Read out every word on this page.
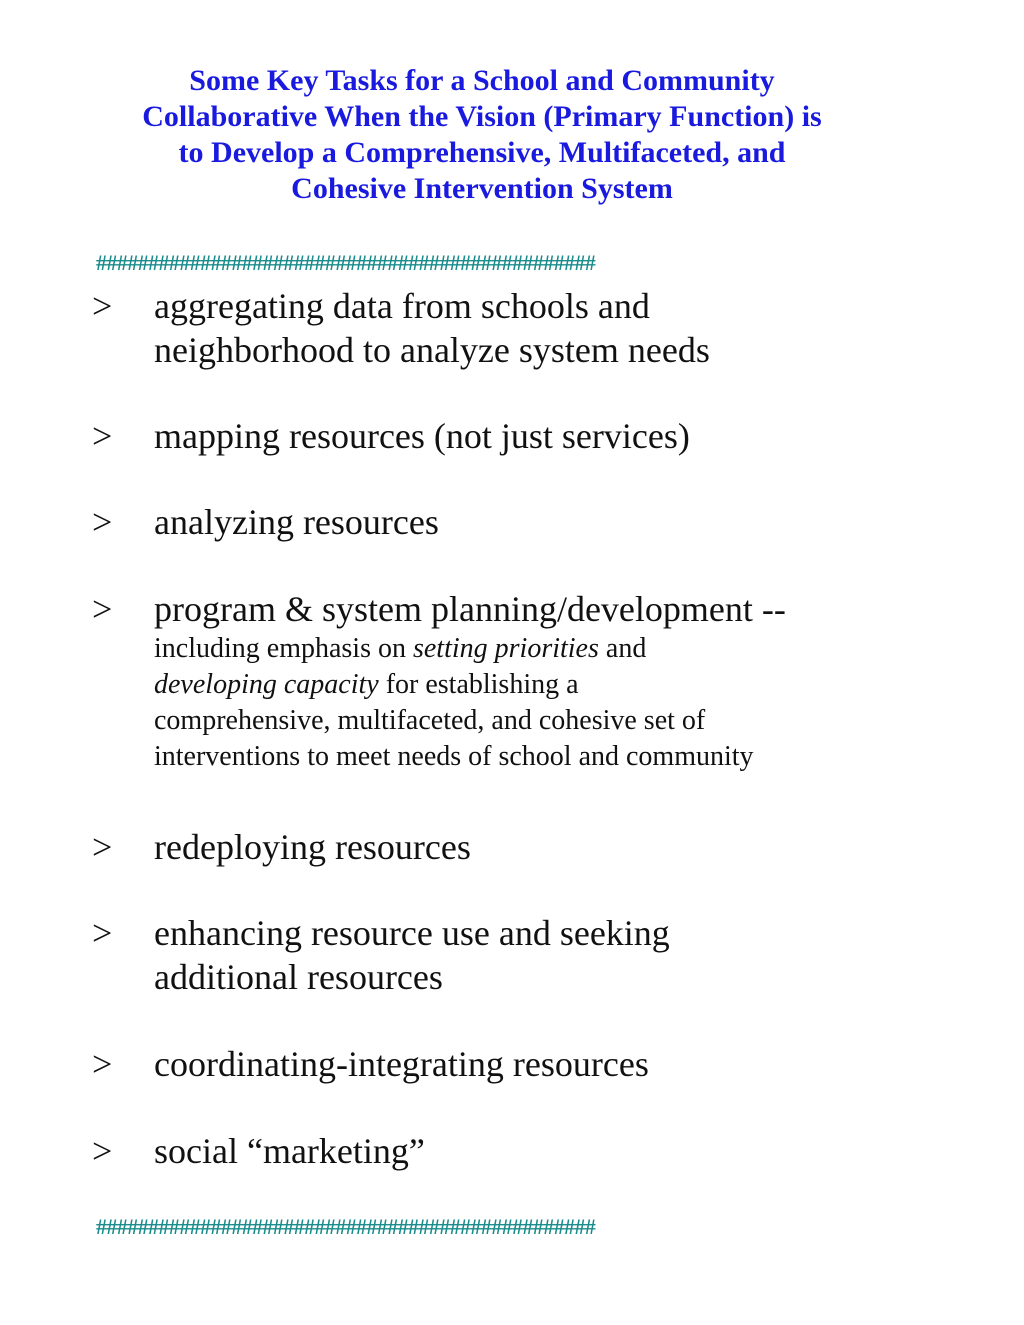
Some Key Tasks for a School and Community
Collaborative When the Vision (Primary Function) is
to Develop a Comprehensive, Multifaceted, and
Cohesive Intervention System
################################################
> aggregating data from schools and
neighborhood to analyze system needs
> mapping resources (not just services)
> analyzing resources
> program & system planning/development --
including emphasis on setting priorities and
developing capacity for establishing a
comprehensive, multifaceted, and cohesive set of
interventions to meet needs of school and community
> redeploying resources
> enhancing resource use and seeking
additional resources
> coordinating-integrating resources
> social “marketing”
################################################
